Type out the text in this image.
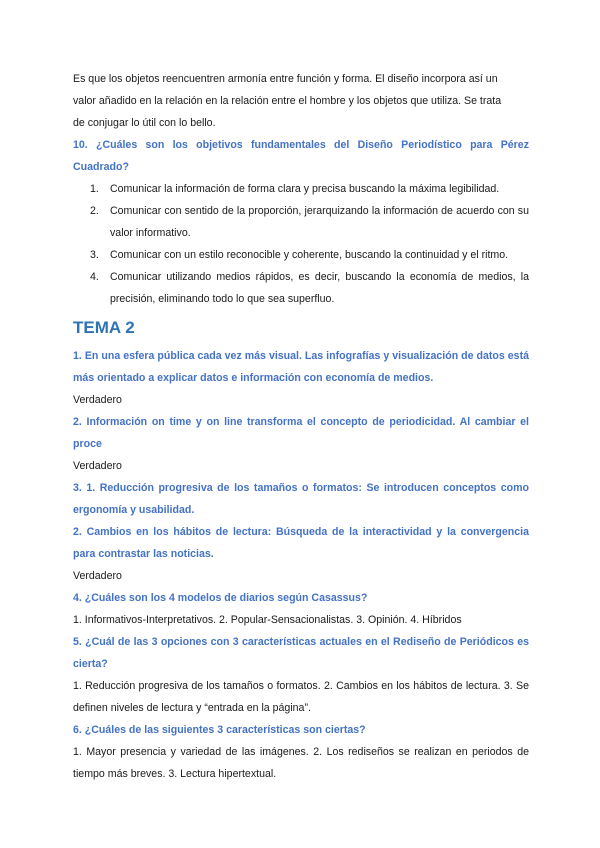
Es que los objetos reencuentren armonía entre función y forma. El diseño incorpora así un

valor añadido en la relación en la relación entre el hombre y los objetos que utiliza. Se trata

de conjugar lo útil con lo bello.

10. ¿Cuáles son los objetivos fundamentales del Diseño Periodístico para Pérez Cuadrado?

1. Comunicar la información de forma clara y precisa buscando la máxima legibilidad.
2. Comunicar con sentido de la proporción, jerarquizando la información de acuerdo con su valor informativo.
3. Comunicar con un estilo reconocible y coherente, buscando la continuidad y el ritmo.
4. Comunicar utilizando medios rápidos, es decir, buscando la economía de medios, la precisión, eliminando todo lo que sea superfluo.
TEMA 2

1. En una esfera pública cada vez más visual. Las infografías y visualización de datos está más orientado a explicar datos e información con economía de medios.

Verdadero

2. Información on time y on line transforma el concepto de periodicidad. Al cambiar el proce

Verdadero

3. 1. Reducción progresiva de los tamaños o formatos: Se introducen conceptos como ergonomía y usabilidad.

2. Cambios en los hábitos de lectura: Búsqueda de la interactividad y la convergencia para contrastar las noticias.

Verdadero

4. ¿Cuáles son los 4 modelos de diarios según Casassus?

1. Informativos-Interpretativos. 2. Popular-Sensacionalistas. 3. Opinión. 4. Híbridos

5. ¿Cuál de las 3 opciones con 3 características actuales en el Rediseño de Periódicos es cierta?

1. Reducción progresiva de los tamaños o formatos. 2. Cambios en los hábitos de lectura. 3. Se definen niveles de lectura y “entrada en la página”.

6. ¿Cuáles de las siguientes 3 características son ciertas?

1. Mayor presencia y variedad de las imágenes. 2. Los rediseños se realizan en periodos de tiempo más breves. 3. Lectura hipertextual.
